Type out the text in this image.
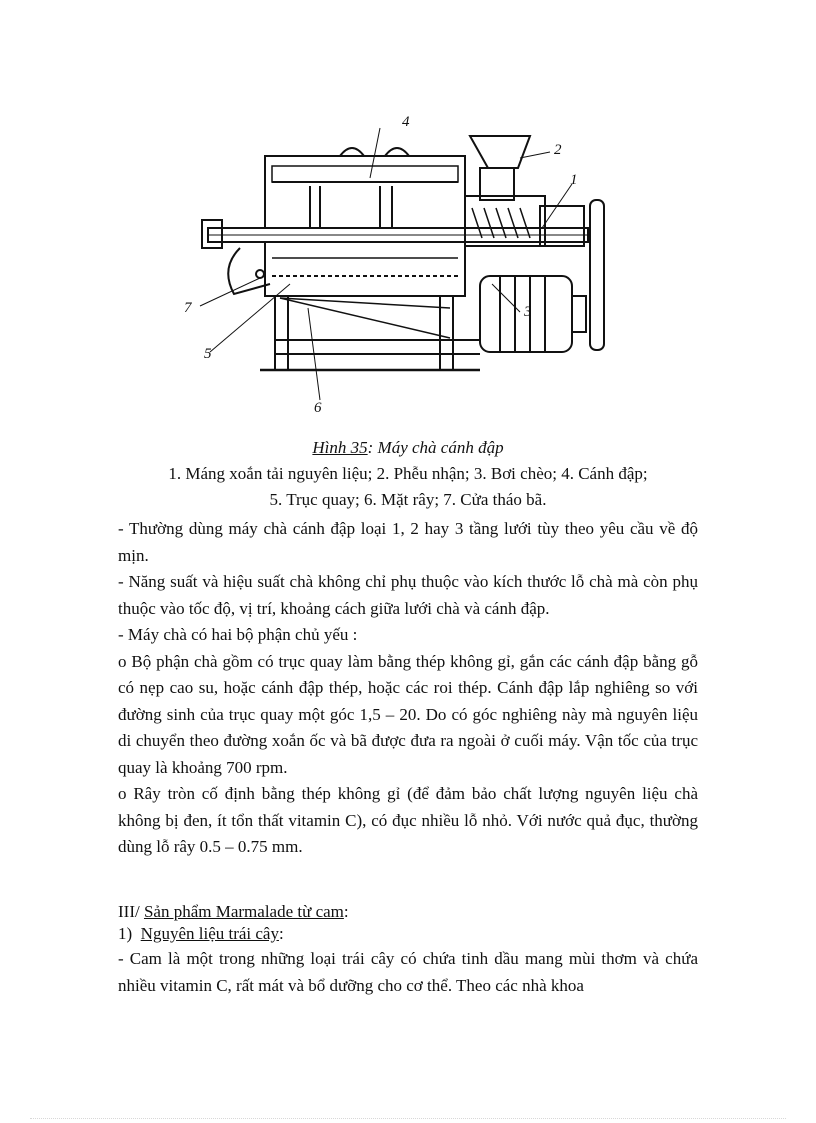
4
2
1
7	3
5
6
Hình 35: Máy chà cánh đập
1. Máng xoắn tải nguyên liệu; 2. Phễu nhận; 3. Bơi chèo; 4. Cánh đập;
5. Trục quay; 6. Mặt rây; 7. Cửa tháo bã.

- Thường dùng máy chà cánh đập loại 1, 2 hay 3 tầng lưới tùy theo yêu cầu về độ mịn.

- Năng suất và hiệu suất chà không chỉ phụ thuộc vào kích thước lỗ chà mà còn phụ thuộc vào tốc độ, vị trí, khoảng cách giữa lưới chà và cánh đập.

- Máy chà có hai bộ phận chủ yếu :

o Bộ phận chà gồm có trục quay làm bằng thép không gỉ, gắn các cánh đập bằng gỗ có nẹp cao su, hoặc cánh đập thép, hoặc các roi thép. Cánh đập lắp nghiêng so với đường sinh của trục quay một góc 1,5 – 20. Do có góc nghiêng này mà nguyên liệu di chuyển theo đường xoắn ốc và bã được đưa ra ngoài ở cuối máy. Vận tốc của trục quay là khoảng 700 rpm.

o Rây tròn cố định bằng thép không gỉ (để đảm bảo chất lượng nguyên liệu chà không bị đen, ít tổn thất vitamin C), có đục nhiều lỗ nhỏ. Với nước quả đục, thường dùng lỗ rây 0.5 – 0.75 mm.

III/ Sản phẩm Marmalade từ cam:
1)  Nguyên liệu trái cây:

- Cam là một trong những loại trái cây có chứa tinh dầu mang mùi thơm và chứa nhiều vitamin C, rất mát và bổ dưỡng cho cơ thể. Theo các nhà khoa
